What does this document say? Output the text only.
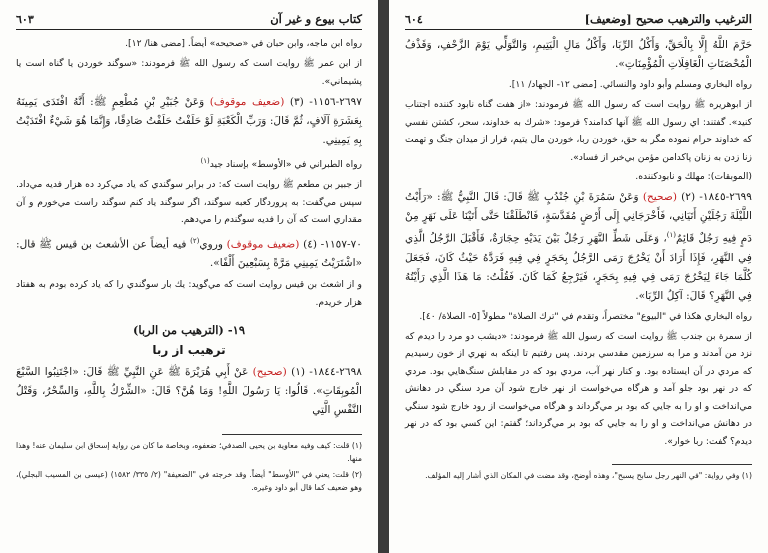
كتاب بيوع و غير آن
٦٠٣

رواه ابن ماجه، وابن حبان في «صحيحه» أيضاً. [مضى هنا/ ١٢].

از ابن عمر ﷺ روايت است كه رسول الله ﷺ فرمودند: «سوگند خوردن يا گناه است يا پشيماني».

٢٦٩٧-١١٥٦- (٣) (ضعيف موقوف) وَعَنْ جُبَيْرِ بْنِ مُطْعِمٍ ﷺ: أَنَّهُ افْتَدَى يَمِينَهُ بِعَشَرَةِ آلَافٍ، ثُمَّ قَالَ: وَرَبِّ الْكَعْبَةِ لَوْ حَلَفْتُ حَلَفْتُ صَادِقًا، وَإِنَّمَا هُوَ شَيْءٌ افْتَدَيْتُ بِهِ يَمِينِي.

رواه الطبراني في «الأوسط» بإسناد جيد$^{(١)}$

از جبير بن مطعم ﷺ روايت است كه: در برابر سوگندي كه ياد مي‌كرد ده هزار فديه مي‌داد. سپس مي‌گفت: به پروردگار كعبه سوگند، اگر سوگند ياد كنم سوگند راست مي‌خورم و آن مقداري است كه آن را فديه سوگندم را مي‌دهم.

٧٠-١١٥٧- (٤) (ضعيف موقوف) وروي$^{(٢)}$ فيه أيضاً عن الأشعث بن قيس ﷺ قال: «اشْتَرَيْتُ يَمِينِي مَرَّةً بِسَبْعِينَ أَلْفًا».

و از اشعث بن قيس روايت است كه مي‌گويد: يك بار سوگندي را كه ياد كرده بودم به هفتاد هزار خريدم.

١٩- (الترهيب من الربا)
ترهيب از ربا

٢٦٩٨-١٨٤٤- (١) (صحيح) عَنْ أَبِي هُرَيْرَةَ ﷺ عَنِ النَّبِيِّ ﷺ قَالَ: «اجْتَنِبُوا السَّبْعَ الْمُوبِقَاتِ». قَالُوا: يَا رَسُولَ اللَّهِ! وَمَا هُنَّ؟ قَالَ: «الشِّرْكُ بِاللَّهِ، وَالسِّحْرُ، وَقَتْلُ النَّفْسِ الَّتِي

(١) قلت: كيف وفيه معاوية بن يحيى الصدفي؛ ضعفوه، وبخاصة ما كان من رواية إسحاق ابن سليمان عنه! وهذا منها.

(٢) قلت: يعني في "الأوسط" أيضاً. وقد خرجته في "الضعيفة" (٢/ ٣٣٥/ ١٥٨٢) (عيسى بن المسيب البجلي)، وهو ضعيف كما قال أبو داود وغيره.

الترغيب والترهيب صحيح [وضعيف]
٦٠٤

حَرَّمَ اللَّهُ إِلَّا بِالْحَقِّ، وَأَكْلُ الرِّبَا، وَأَكْلُ مَالِ الْيَتِيمِ، وَالتَّوَلِّي يَوْمَ الزَّحْفِ، وَقَذْفُ الْمُحْصَنَاتِ الْغَافِلَاتِ الْمُؤْمِنَاتِ».

رواه البخاري ومسلم وأبو داود والنسائي. [مضى ١٢- الجهاد/ ١١].

از ابوهريره ﷺ روايت است كه رسول الله ﷺ فرمودند: «از هفت گناه نابود كننده اجتناب كنيد». گفتند: اي رسول الله ﷺ آنها كدامند؟ فرمود: «شرك به خداوند، سحر، كشتن نفسي كه خداوند حرام نموده مگر به حق، خوردن ربا، خوردن مال يتيم، فرار از ميدان جنگ و تهمت زنا زدن به زنان پاكدامن مؤمن بي‌خبر از فساد».

(الموبقات): مهلك و نابودكننده.

٢٦٩٩-١٨٤٥- (٢) (صحيح) وَعَنْ سَمُرَةَ بْنِ جُنْدُبٍ ﷺ قَالَ: قَالَ النَّبِيُّ ﷺ: «رَأَيْتُ اللَّيْلَةَ رَجُلَيْنِ أَتَيَانِي، فَأَخْرَجَانِي إِلَى أَرْضٍ مُقَدَّسَةٍ، فَانْطَلَقْنَا حَتَّى أَتَيْنَا عَلَى نَهَرٍ مِنْ دَمٍ فِيهِ رَجُلٌ قَائِمٌ$^{(١)}$، وَعَلَى شَطِّ النَّهَرِ رَجُلٌ بَيْنَ يَدَيْهِ حِجَارَةٌ، فَأَقْبَلَ الرَّجُلُ الَّذِي فِي النَّهَرِ، فَإِذَا أَرَادَ أَنْ يَخْرُجَ رَمَى الرَّجُلُ بِحَجَرٍ فِي فِيهِ فَرَدَّهُ حَيْثُ كَانَ، فَجَعَلَ كُلَّمَا جَاءَ لِيَخْرُجَ رَمَى فِي فِيهِ بِحَجَرٍ، فَيَرْجِعُ كَمَا كَانَ. فَقُلْتُ: مَا هَذَا الَّذِي رَأَيْتُهُ فِي النَّهَرِ؟ قَالَ: آكِلُ الرِّبَا».

رواه البخاري هكذا في "البيوع" مختصراً، وتقدم في "ترك الصلاة" مطولاً [٥- الصلاة/ ٤٠].

از سمرة بن جندب ﷺ روايت است كه رسول الله ﷺ فرمودند: «ديشب دو مرد را ديدم كه نزد من آمدند و مرا به سرزمين مقدسي بردند. پس رفتيم تا اينكه به نهري از خون رسيديم كه مردي در آن ايستاده بود. و كنار نهر آب، مردي بود كه در مقابلش سنگ‌هايي بود. مردي كه در نهر بود جلو آمد و هرگاه مي‌خواست از نهر خارج شود آن مرد سنگي در دهانش مي‌انداخت و او را به جايي كه بود بر مي‌گرداند و هرگاه مي‌خواست از رود خارج شود سنگي در دهانش مي‌انداخت و او را به جايي كه بود بر مي‌گرداند؛ گفتم: اين كسي بود كه در نهر ديدم؟ گفت: ربا خوار».

(١) وفي رواية: "في النهر رجل سابح يسبح"، وهذه أوضح، وقد مضت في المكان الذي أشار إليه المؤلف.
